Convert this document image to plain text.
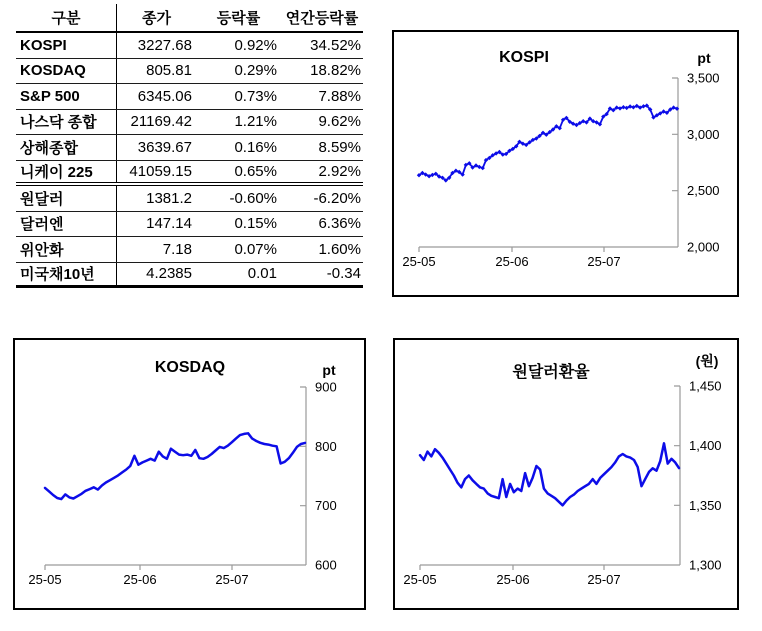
구분	종가	등락률	연간등락률
KOSPI	3227.68	0.92%	34.52%
KOSDAQ	805.81	0.29%	18.82%
S&P 500	6345.06	0.73%	7.88%
나스닥 종합	21169.42	1.21%	9.62%
상해종합	3639.67	0.16%	8.59%
니케이 225	41059.15	0.65%	2.92%
원달러	1381.2	-0.60%	-6.20%
달러엔	147.14	0.15%	6.36%
위안화	7.18	0.07%	1.60%
미국채10년	4.2385	0.01	-0.34
KOSPI	pt
3,500
3,000
2,500
2,000
25-05	25-06	25-07
KOSDAQ	pt
900
800
700
600
25-05	25-06	25-07
원달러환율
(원)
1,450
1,400
1,350
1,300
25-05	25-06	25-07
